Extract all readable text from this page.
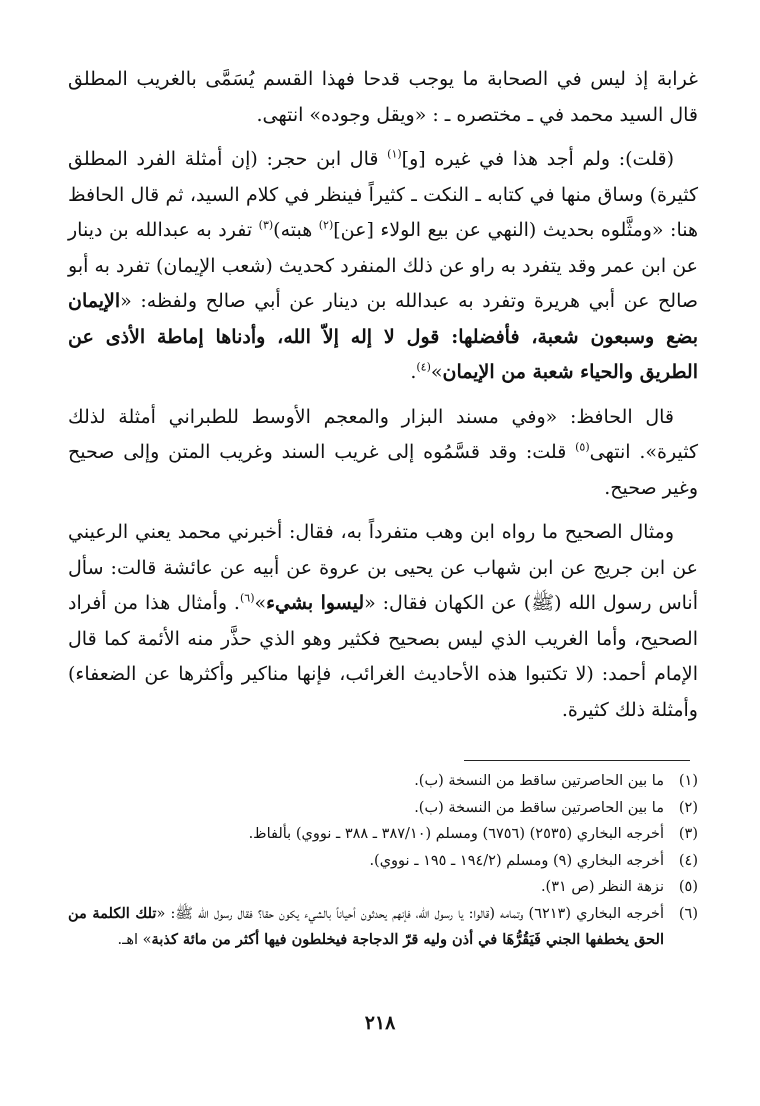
غرابة إذ ليس في الصحابة ما يوجب قدحا فهذا القسم يُسَمَّى بالغريب المطلق قال السيد محمد في ـ مختصره ـ : «ويقل وجوده» انتهى.

(قلت): ولم أجد هذا في غيره [و]$^{(١)}$ قال ابن حجر: (إن أمثلة الفرد المطلق كثيرة) وساق منها في كتابه ـ النكت ـ كثيراً فينظر في كلام السيد، ثم قال الحافظ هنا: «ومثَّلوه بحديث (النهي عن بيع الولاء [عن]$^{(٢)}$ هبته)$^{(٣)}$ تفرد به عبدالله بن دينار عن ابن عمر وقد يتفرد به راو عن ذلك المنفرد كحديث (شعب الإيمان) تفرد به أبو صالح عن أبي هريرة وتفرد به عبدالله بن دينار عن أبي صالح ولفظه: «الإيمان بضع وسبعون شعبة، فأفضلها: قول لا إله إلاّ الله، وأدناها إماطة الأذى عن الطريق والحياء شعبة من الإيمان»$^{(٤)}$.

قال الحافظ: «وفي مسند البزار والمعجم الأوسط للطبراني أمثلة لذلك كثيرة». انتهى$^{(٥)}$ قلت: وقد قسَّمُوه إلى غريب السند وغريب المتن وإلى صحيح وغير صحيح.

ومثال الصحيح ما رواه ابن وهب متفرداً به، فقال: أخبرني محمد يعني الرعيني عن ابن جريج عن ابن شهاب عن يحيى بن عروة عن أبيه عن عائشة قالت: سأل أناس رسول الله (ﷺ) عن الكهان فقال: «ليسوا بشيء»$^{(٦)}$. وأمثال هذا من أفراد الصحيح، وأما الغريب الذي ليس بصحيح فكثير وهو الذي حذَّر منه الأئمة كما قال الإمام أحمد: (لا تكتبوا هذه الأحاديث الغرائب، فإنها مناكير وأكثرها عن الضعفاء) وأمثلة ذلك كثيرة.

(١)
ما بين الحاصرتين ساقط من النسخة (ب).
(٢)
ما بين الحاصرتين ساقط من النسخة (ب).
(٣)
أخرجه البخاري (٢٥٣٥) (٦٧٥٦) ومسلم (٣٨٧/١٠ ـ ٣٨٨ ـ نووي) بألفاظ.
(٤)
أخرجه البخاري (٩) ومسلم (١٩٤/٢ ـ ١٩٥ ـ نووي).
(٥)
نزهة النظر (ص ٣١).
(٦)
أخرجه البخاري (٦٢١٣) وتمامه (قالوا: يا رسول الله، فإنهم يحدثون أحياناً بالشيء يكون حقا؟ فقال رسول الله ﷺ: «تلك الكلمة من الحق يخطفها الجني فَيَقُرُّهَا في أذن وليه قرّ الدجاجة فيخلطون فيها أكثر من مائة كذبة» اهـ.
٢١٨
